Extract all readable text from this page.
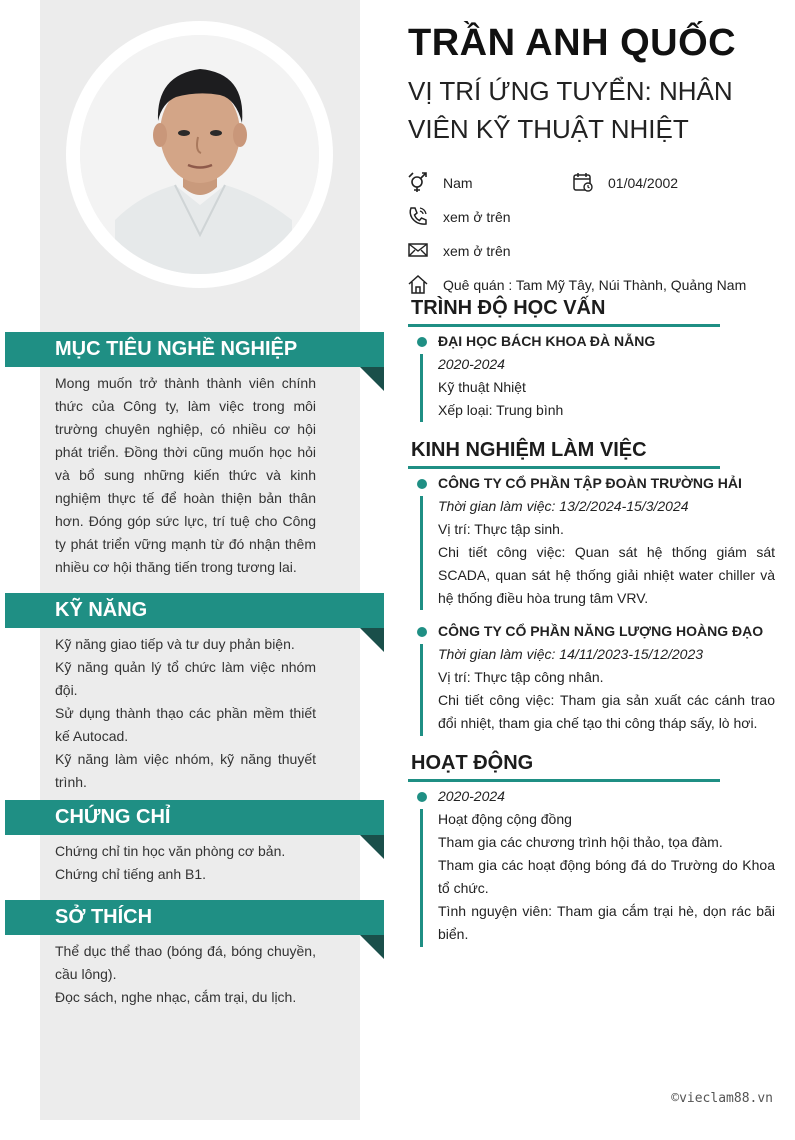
MỤC TIÊU NGHỀ NGHIỆP

Mong muốn trở thành thành viên chính thức của Công ty, làm việc trong môi trường chuyên nghiệp, có nhiều cơ hội phát triển. Đồng thời cũng muốn học hỏi và bổ sung những kiến thức và kinh nghiệm thực tế để hoàn thiện bản thân hơn. Đóng góp sức lực, trí tuệ cho Công ty phát triển vững mạnh từ đó nhận thêm nhiều cơ hội thăng tiến trong tương lai.

KỸ NĂNG

Kỹ năng giao tiếp và tư duy phản biện.

Kỹ năng quản lý tổ chức làm việc nhóm đội.

Sử dụng thành thạo các phần mềm thiết kế Autocad.

Kỹ năng làm việc nhóm, kỹ năng thuyết trình.

CHỨNG CHỈ

Chứng chỉ tin học văn phòng cơ bản.

Chứng chỉ tiếng anh B1.

SỞ THÍCH

Thể dục thể thao (bóng đá, bóng chuyền, cầu lông).

Đọc sách, nghe nhạc, cắm trại, du lịch.

TRẦN ANH QUỐC
VỊ TRÍ ỨNG TUYỂN: NHÂN VIÊN KỸ THUẬT NHIỆT
Nam	01/04/2002
xem ở trên
xem ở trên
Quê quán : Tam Mỹ Tây, Núi Thành, Quảng Nam
TRÌNH ĐỘ HỌC VẤN

ĐẠI HỌC BÁCH KHOA ĐÀ NẴNG

2020-2024

Kỹ thuật Nhiệt

Xếp loại: Trung bình

KINH NGHIỆM LÀM VIỆC

CÔNG TY CỔ PHẦN TẬP ĐOÀN TRƯỜNG HẢI

Thời gian làm việc: 13/2/2024-15/3/2024

Vị trí: Thực tập sinh.

Chi tiết công việc: Quan sát hệ thống giám sát SCADA, quan sát hệ thống giải nhiệt water chiller và hệ thống điều hòa trung tâm VRV.

CÔNG TY CỔ PHẦN NĂNG LƯỢNG HOÀNG ĐẠO

Thời gian làm việc: 14/11/2023-15/12/2023

Vị trí: Thực tập công nhân.

Chi tiết công việc: Tham gia sản xuất các cánh trao đổi nhiệt, tham gia chế tạo thi công tháp sấy, lò hơi.

HOẠT ĐỘNG

2020-2024

Hoạt động cộng đồng

Tham gia các chương trình hội thảo, tọa đàm.

Tham gia các hoạt động bóng đá do Trường do Khoa tổ chức.

Tình nguyện viên: Tham gia cắm trại hè, dọn rác bãi biển.

©vieclam88.vn
